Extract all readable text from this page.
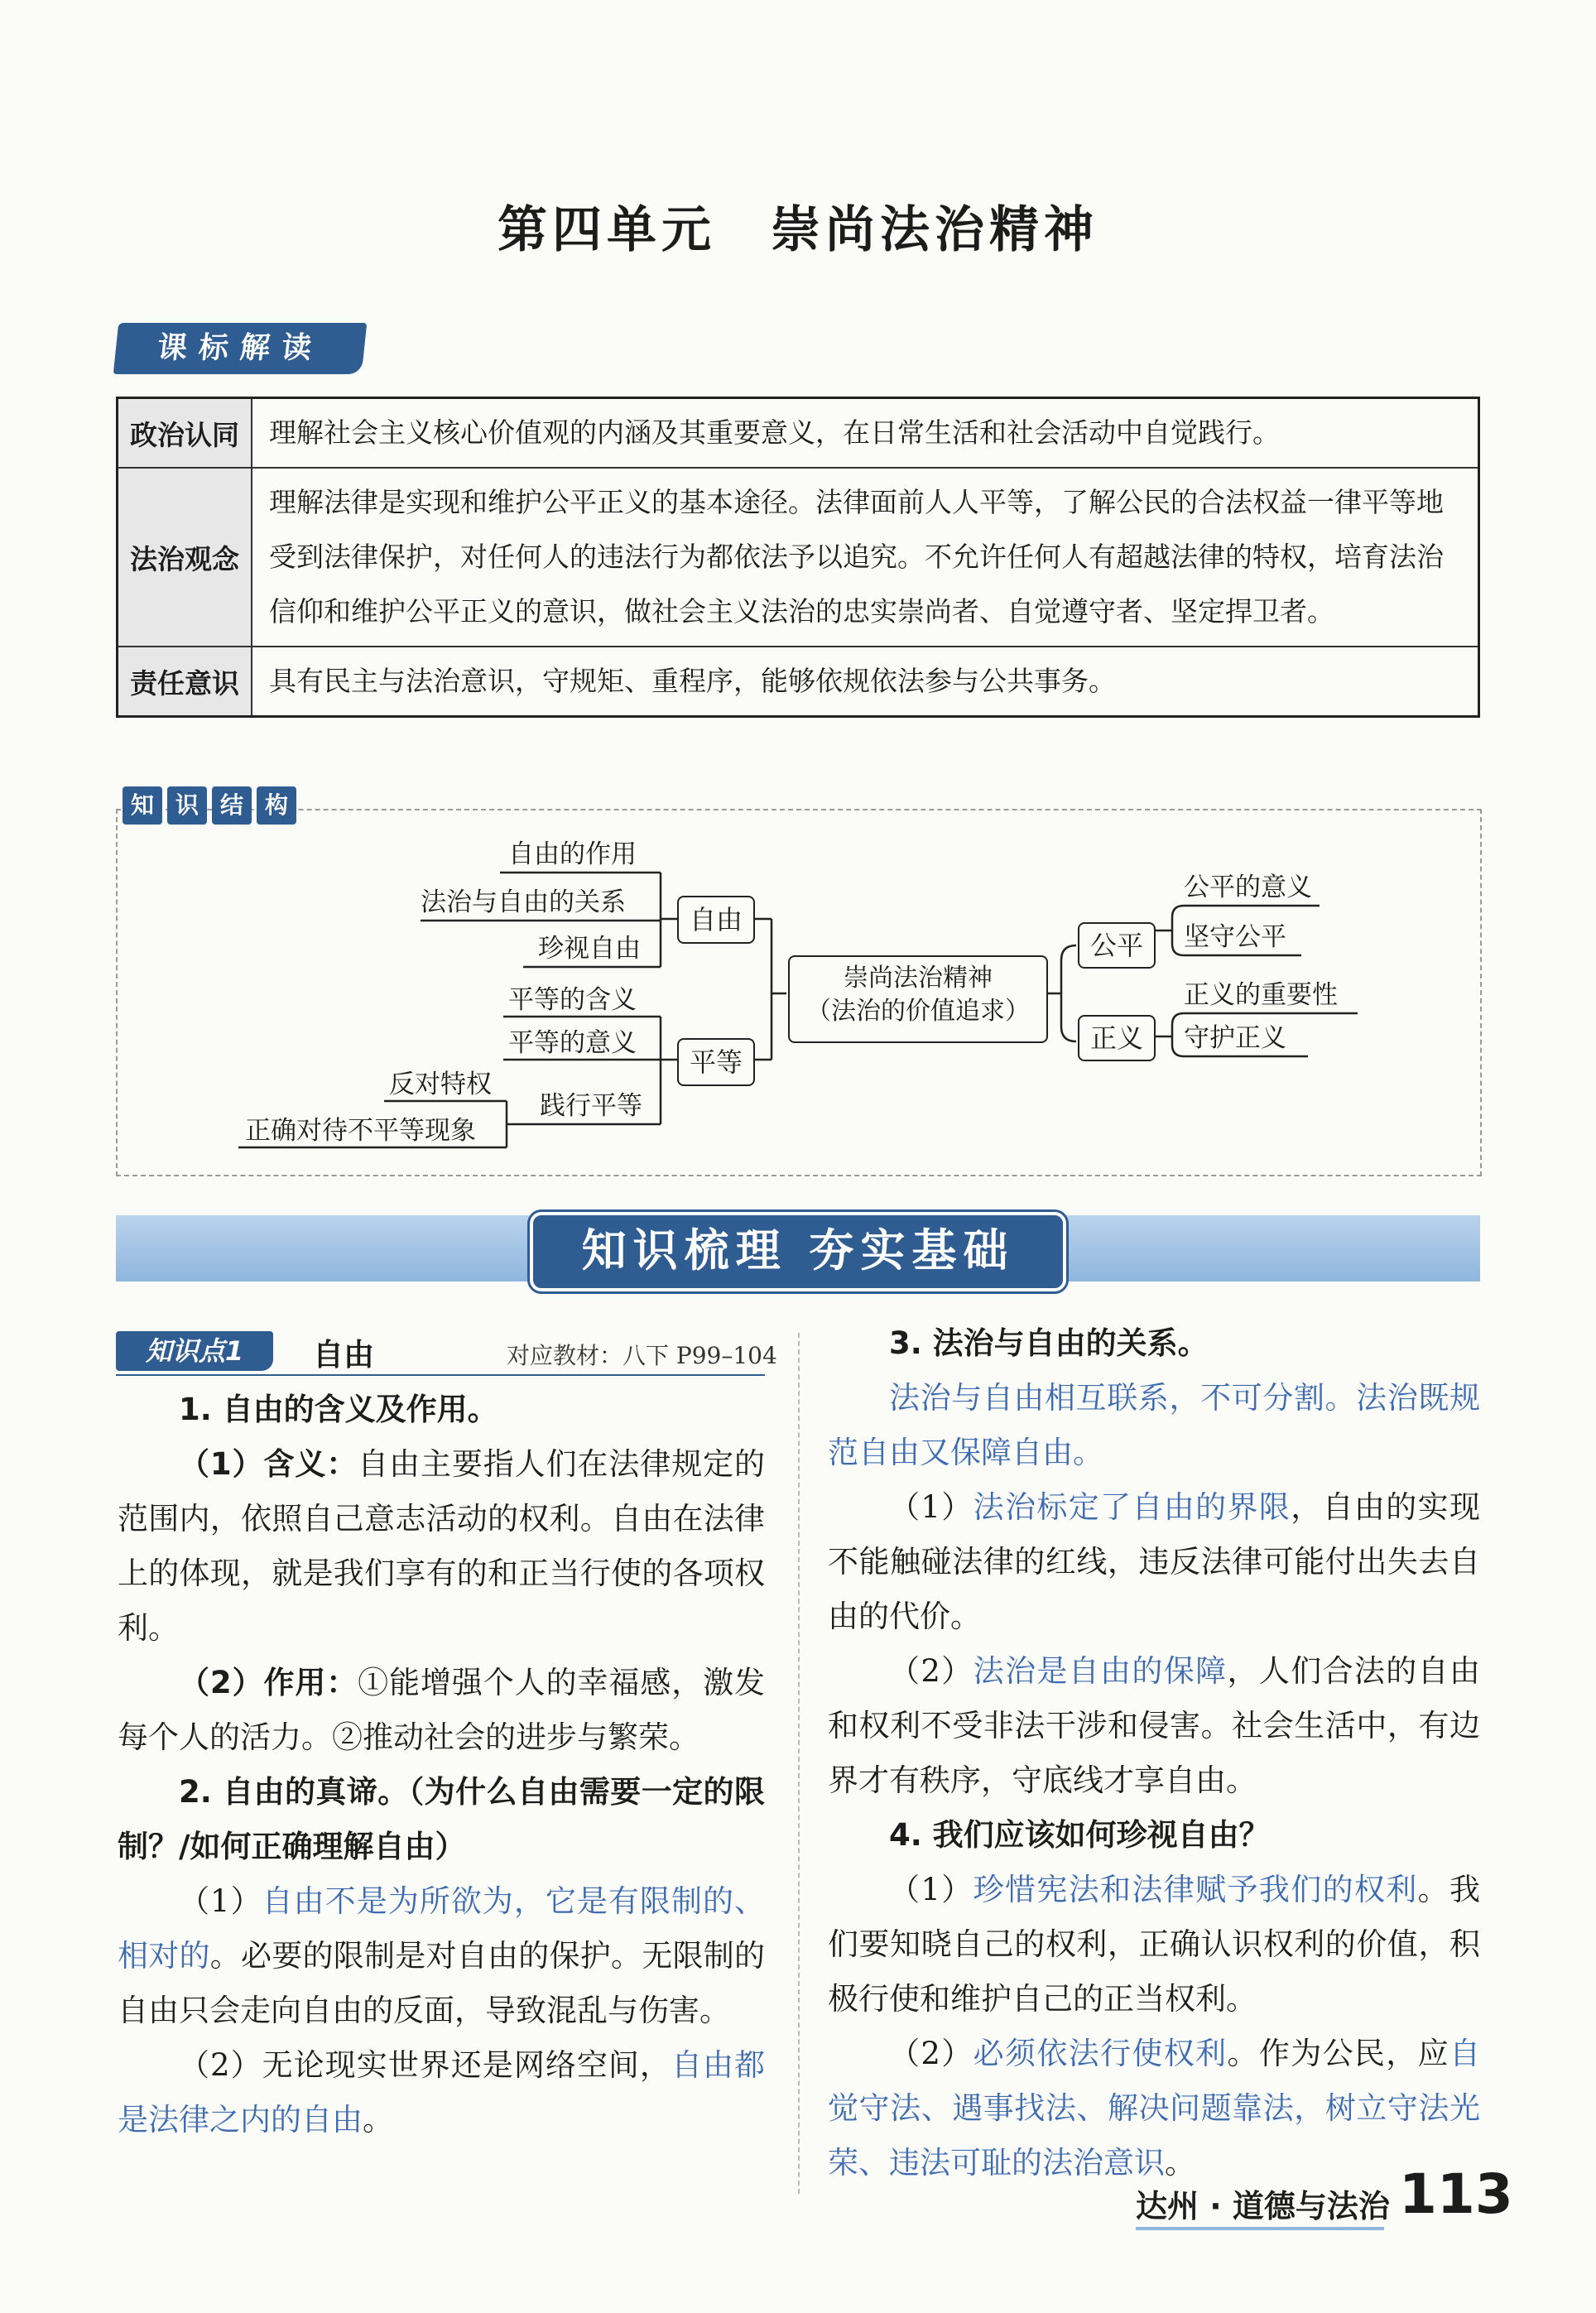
第四单元　崇尚法治精神
课标解读
政治认同	理解社会主义核心价值观的内涵及其重要意义，在日常生活和社会活动中自觉践行。
法治观念	理解法律是实现和维护公平正义的基本途径。法律面前人人平等，了解公民的合法权益一律平等地受到法律保护，对任何人的违法行为都依法予以追究。不允许任何人有超越法律的特权，培育法治信仰和维护公平正义的意识，做社会主义法治的忠实崇尚者、自觉遵守者、坚定捍卫者。
责任意识	具有民主与法治意识，守规矩、重程序，能够依规依法参与公共事务。
知 识 结 构
自由的作用
法治与自由的关系
珍视自由
自由
平等的含义
平等的意义
平等
践行平等
反对特权
正确对待不平等现象
崇尚法治精神
（法治的价值追求）
公平
公平的意义
坚守公平
正义
正义的重要性
守护正义
知识梳理 夯实基础
知识点1	自由	对应教材：八下 P99–104

1. 自由的含义及作用。

（1）含义：自由主要指人们在法律规定的范围内，依照自己意志活动的权利。自由在法律上的体现，就是我们享有的和正当行使的各项权利。

（2）作用：①能增强个人的幸福感，激发每个人的活力。②推动社会的进步与繁荣。

2. 自由的真谛。（为什么自由需要一定的限制？/如何正确理解自由）

（1）自由不是为所欲为，它是有限制的、相对的。必要的限制是对自由的保护。无限制的自由只会走向自由的反面，导致混乱与伤害。

（2）无论现实世界还是网络空间，自由都是法律之内的自由。

3. 法治与自由的关系。

法治与自由相互联系，不可分割。法治既规范自由又保障自由。

（1）法治标定了自由的界限，自由的实现不能触碰法律的红线，违反法律可能付出失去自由的代价。

（2）法治是自由的保障，人们合法的自由和权利不受非法干涉和侵害。社会生活中，有边界才有秩序，守底线才享自由。

4. 我们应该如何珍视自由？

（1）珍惜宪法和法律赋予我们的权利。我们要知晓自己的权利，正确认识权利的价值，积极行使和维护自己的正当权利。

（2）必须依法行使权利。作为公民，应自觉守法、遇事找法、解决问题靠法，树立守法光荣、违法可耻的法治意识。

达州 · 道德与法治 113
